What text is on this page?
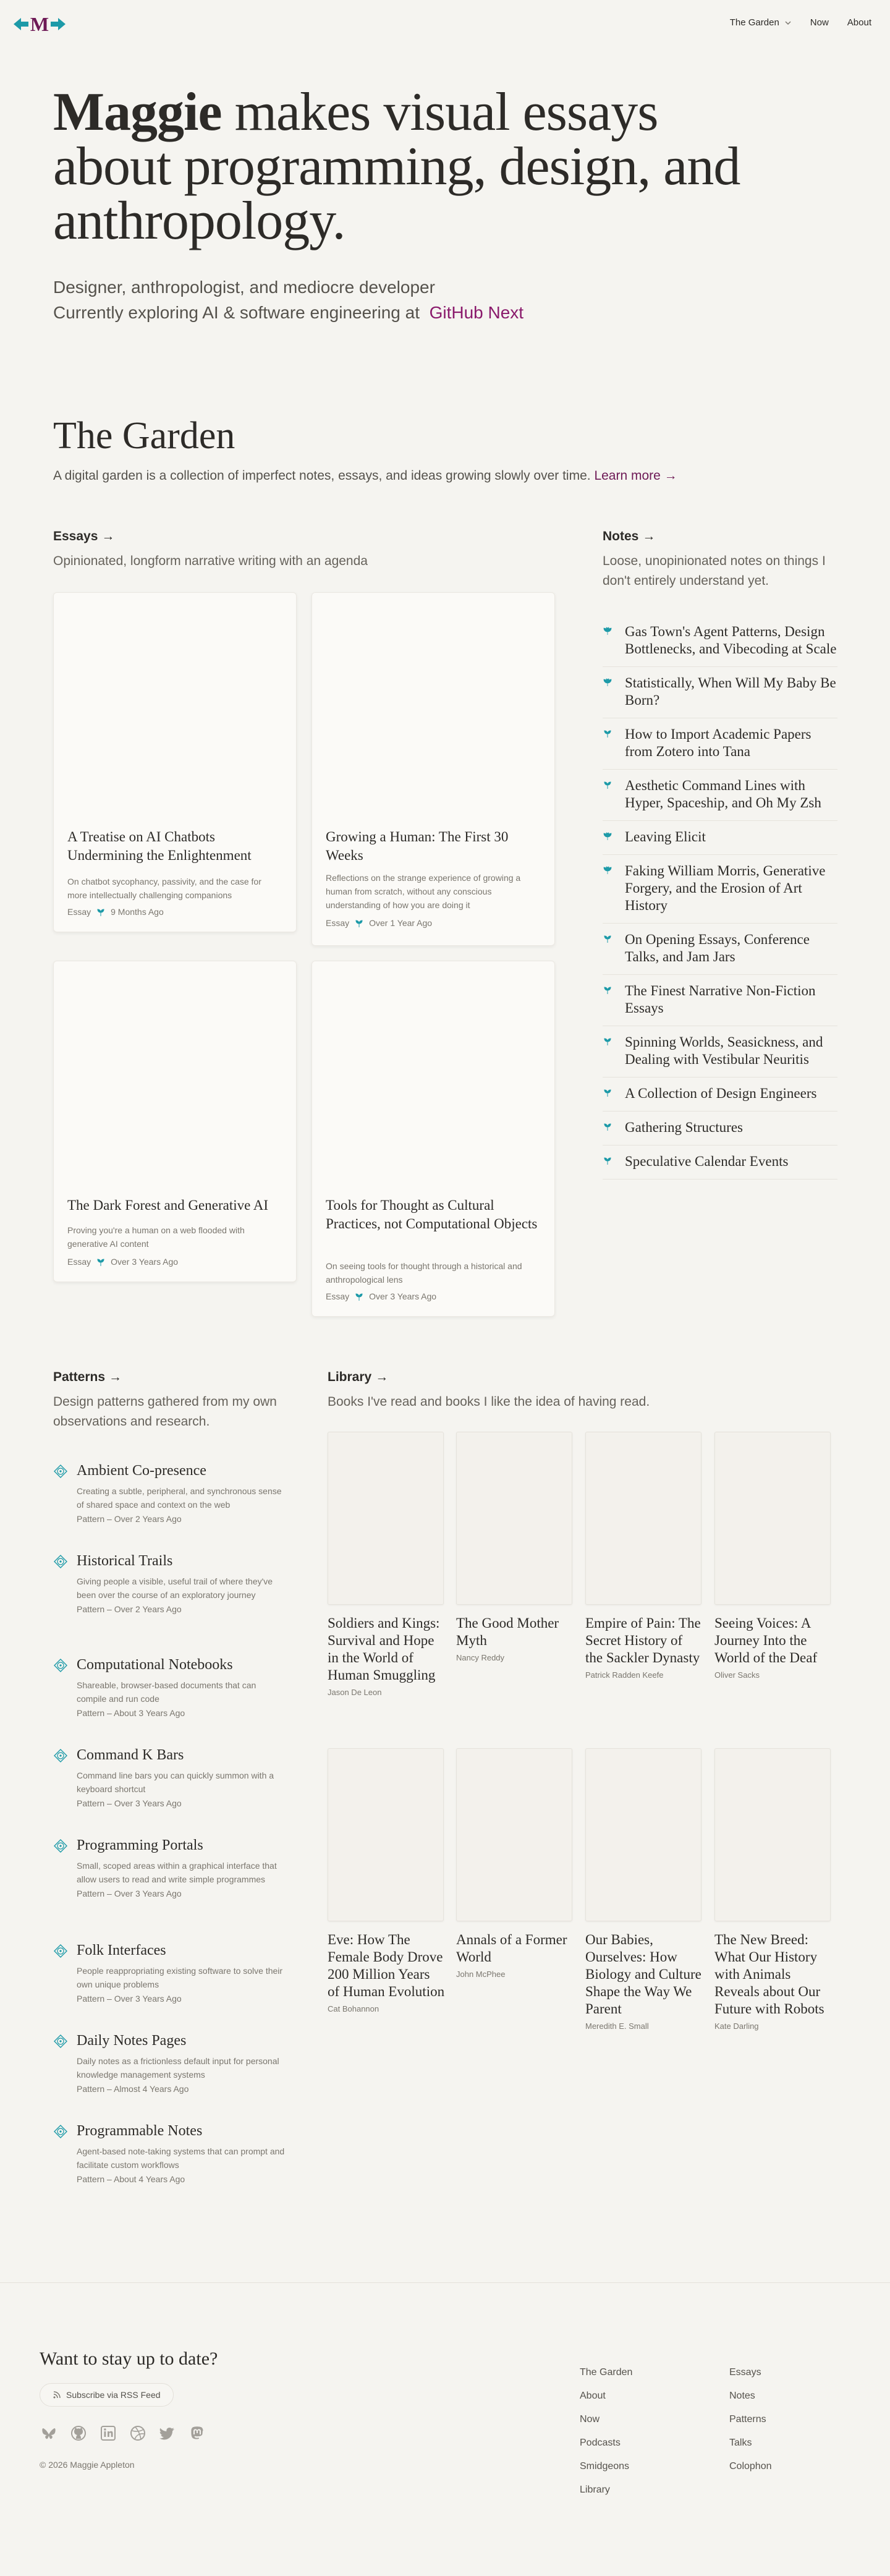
M	The Garden	Now About
Maggie makes visual essays
about programming, design, and
anthropology.
Designer, anthropologist, and mediocre developer
Currently exploring AI & software engineering at GitHub Next
The Garden
A digital garden is a collection of imperfect notes, essays, and ideas growing slowly over time. Learn more →
Essays →
Opinionated, longform narrative writing with an agenda
A Treatise on AI Chatbots Undermining the Enlightenment
On chatbot sycophancy, passivity, and the case for more intellectually challenging companions
Essay 9 Months Ago
Growing a Human: The First 30 Weeks
Reflections on the strange experience of growing a human from scratch, without any conscious understanding of how you are doing it
Essay Over 1 Year Ago
The Dark Forest and Generative AI
Proving you're a human on a web flooded with generative AI content
Essay Over 3 Years Ago
Tools for Thought as Cultural Practices, not Computational Objects
On seeing tools for thought through a historical and anthropological lens
Essay Over 3 Years Ago
Notes →
Loose, unopinionated notes on things I don't entirely understand yet.
Gas Town's Agent Patterns, Design Bottlenecks, and Vibecoding at Scale
Statistically, When Will My Baby Be Born?
How to Import Academic Papers from Zotero into Tana
Aesthetic Command Lines with Hyper, Spaceship, and Oh My Zsh
Leaving Elicit
Faking William Morris, Generative Forgery, and the Erosion of Art History
On Opening Essays, Conference Talks, and Jam Jars
The Finest Narrative Non-Fiction Essays
Spinning Worlds, Seasickness, and Dealing with Vestibular Neuritis
A Collection of Design Engineers
Gathering Structures
Speculative Calendar Events
Patterns →
Design patterns gathered from my own observations and research.
Ambient Co-presence
Creating a subtle, peripheral, and synchronous sense of shared space and context on the web
Pattern – Over 2 Years Ago
Historical Trails
Giving people a visible, useful trail of where they've been over the course of an exploratory journey
Pattern – Over 2 Years Ago
Computational Notebooks
Shareable, browser-based documents that can compile and run code
Pattern – About 3 Years Ago
Command K Bars
Command line bars you can quickly summon with a keyboard shortcut
Pattern – Over 3 Years Ago
Programming Portals
Small, scoped areas within a graphical interface that allow users to read and write simple programmes
Pattern – Over 3 Years Ago
Folk Interfaces
People reappropriating existing software to solve their own unique problems
Pattern – Over 3 Years Ago
Daily Notes Pages
Daily notes as a frictionless default input for personal knowledge management systems
Pattern – Almost 4 Years Ago
Programmable Notes
Agent-based note-taking systems that can prompt and facilitate custom workflows
Pattern – About 4 Years Ago
Library →
Books I've read and books I like the idea of having read.
Soldiers and Kings: Survival and Hope in the World of Human Smuggling
Jason De Leon
The Good Mother Myth
Nancy Reddy
Empire of Pain: The Secret History of the Sackler Dynasty
Patrick Radden Keefe
Seeing Voices: A Journey Into the World of the Deaf
Oliver Sacks
Eve: How The Female Body Drove 200 Million Years of Human Evolution
Cat Bohannon
Annals of a Former World
John McPhee
Our Babies, Ourselves: How Biology and Culture Shape the Way We Parent
Meredith E. Small
The New Breed: What Our History with Animals Reveals about Our Future with Robots
Kate Darling
Want to stay up to date?
Subscribe via RSS Feed
© 2026 Maggie Appleton
The Garden
About
Now
Podcasts
Smidgeons
Library
Essays
Notes
Patterns
Talks
Colophon
